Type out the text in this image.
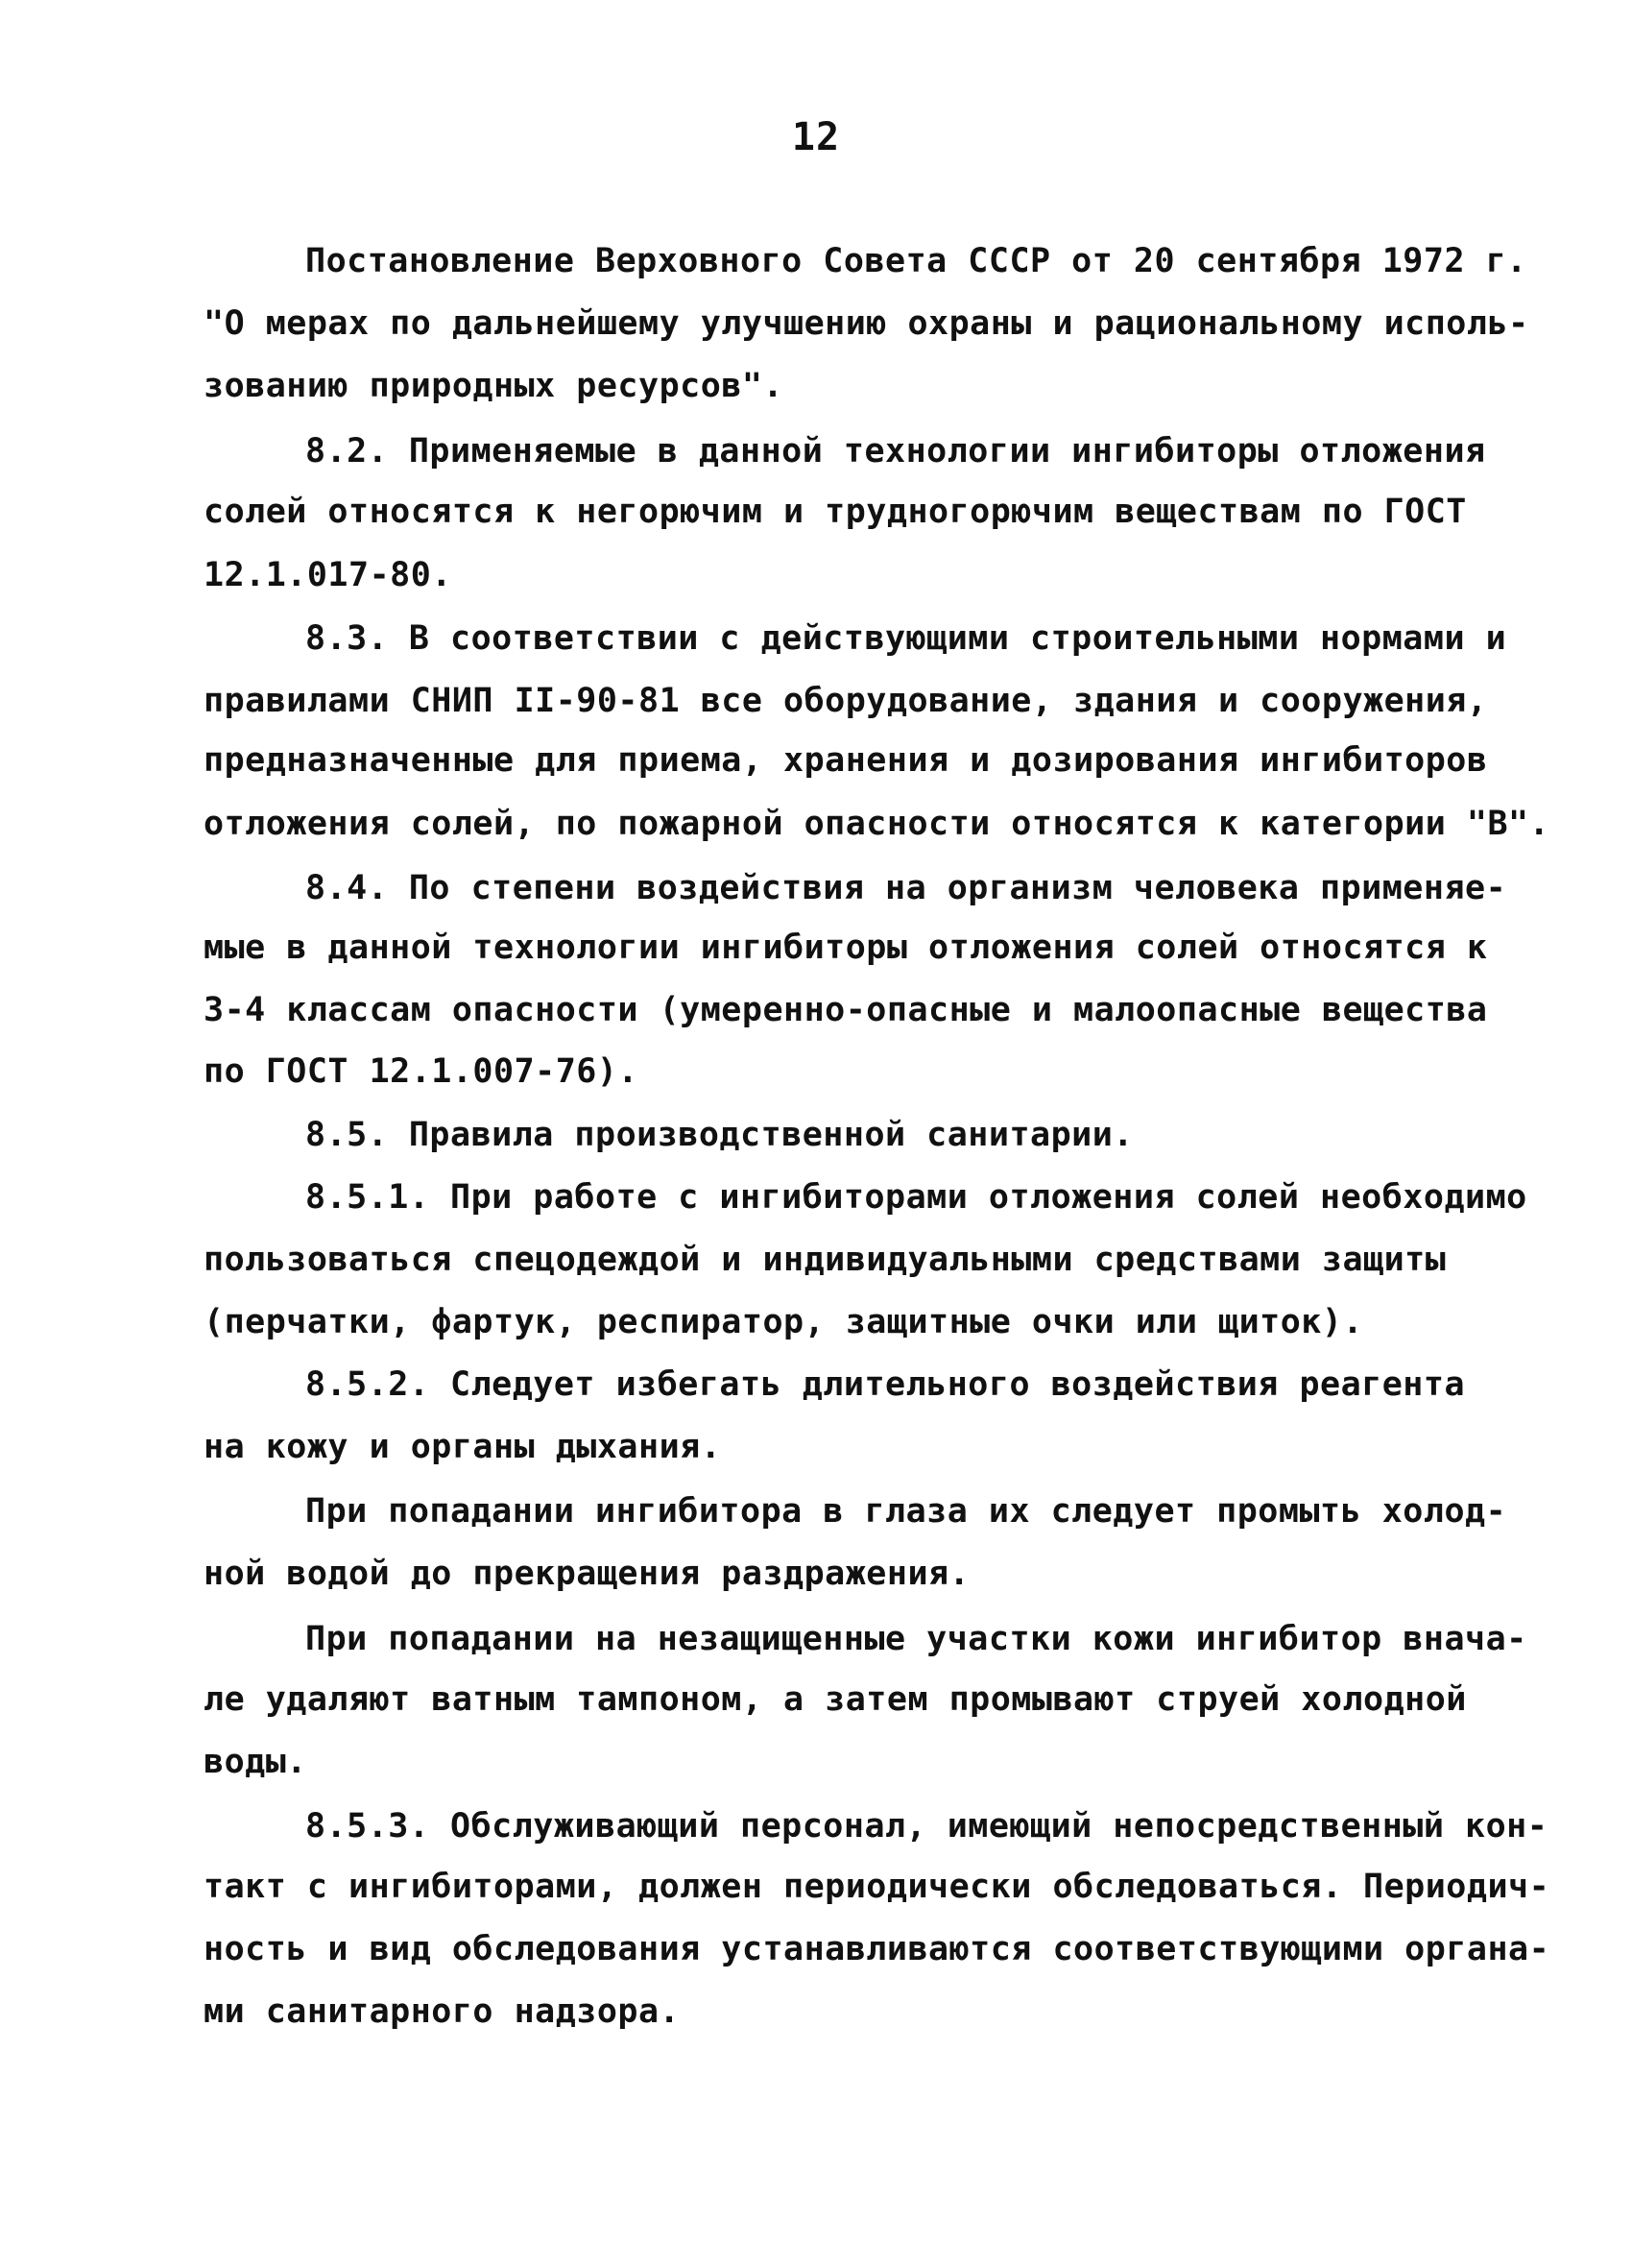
12
Постановление Верховного Совета СССР от 20 сентября 1972 г.
"О мерах по дальнейшему улучшению охраны и рациональному исполь-
зованию природных ресурсов".
8.2. Применяемые в данной технологии ингибиторы отложения
солей относятся к негорючим и трудногорючим веществам по ГОСТ
12.1.017-80.
8.3. В соответствии с действующими строительными нормами и
правилами СНИП II-90-81 все оборудование, здания и сооружения,
предназначенные для приема, хранения и дозирования ингибиторов
отложения солей, по пожарной опасности относятся к категории "В".
8.4. По степени воздействия на организм человека применяе-
мые в данной технологии ингибиторы отложения солей относятся к
3-4 классам опасности (умеренно-опасные и малоопасные вещества
по ГОСТ 12.1.007-76).
8.5. Правила производственной санитарии.
8.5.1. При работе с ингибиторами отложения солей необходимо
пользоваться спецодеждой и индивидуальными средствами защиты
(перчатки, фартук, респиратор, защитные очки или щиток).
8.5.2. Следует избегать длительного воздействия реагента
на кожу и органы дыхания.
При попадании ингибитора в глаза их следует промыть холод-
ной водой до прекращения раздражения.
При попадании на незащищенные участки кожи ингибитор внача-
ле удаляют ватным тампоном, а затем промывают струей холодной
воды.
8.5.3. Обслуживающий персонал, имеющий непосредственный кон-
такт с ингибиторами, должен периодически обследоваться. Периодич-
ность и вид обследования устанавливаются соответствующими органа-
ми санитарного надзора.
